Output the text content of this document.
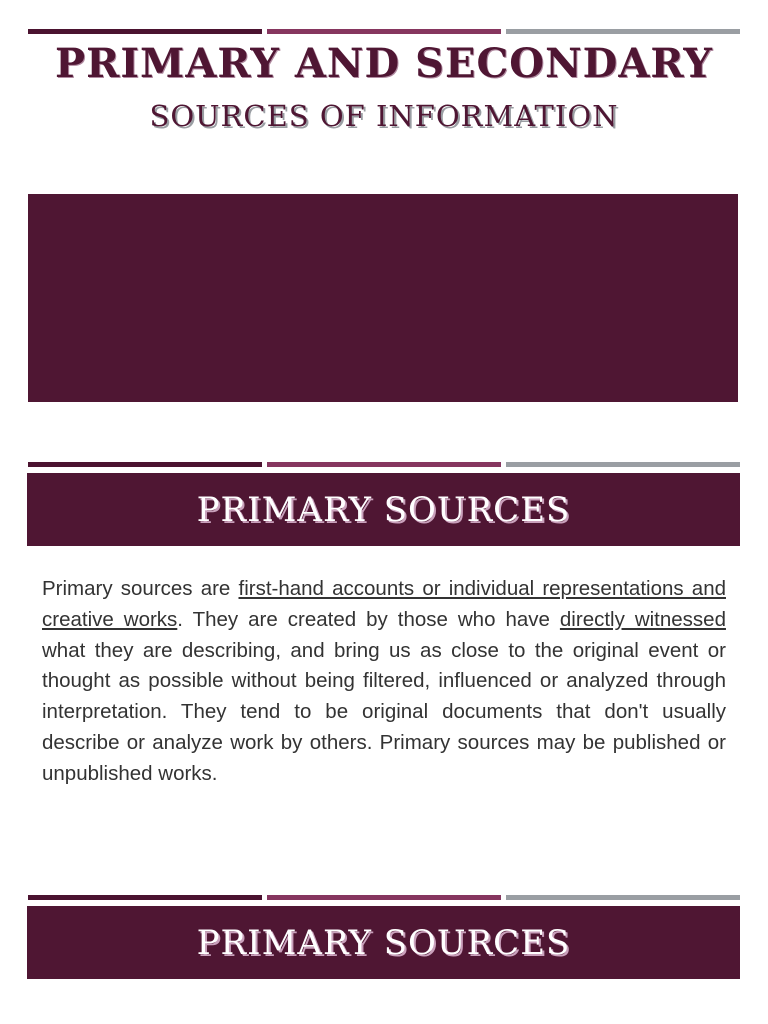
PRIMARY AND SECONDARY
SOURCES OF INFORMATION
PRIMARY SOURCES
Primary sources are first-hand accounts or individual representations and creative works. They are created by those who have directly witnessed what they are describing, and bring us as close to the original event or thought as possible without being filtered, influenced or analyzed through interpretation. They tend to be original documents that don't usually describe or analyze work by others. Primary sources may be published or unpublished works.
PRIMARY SOURCES
